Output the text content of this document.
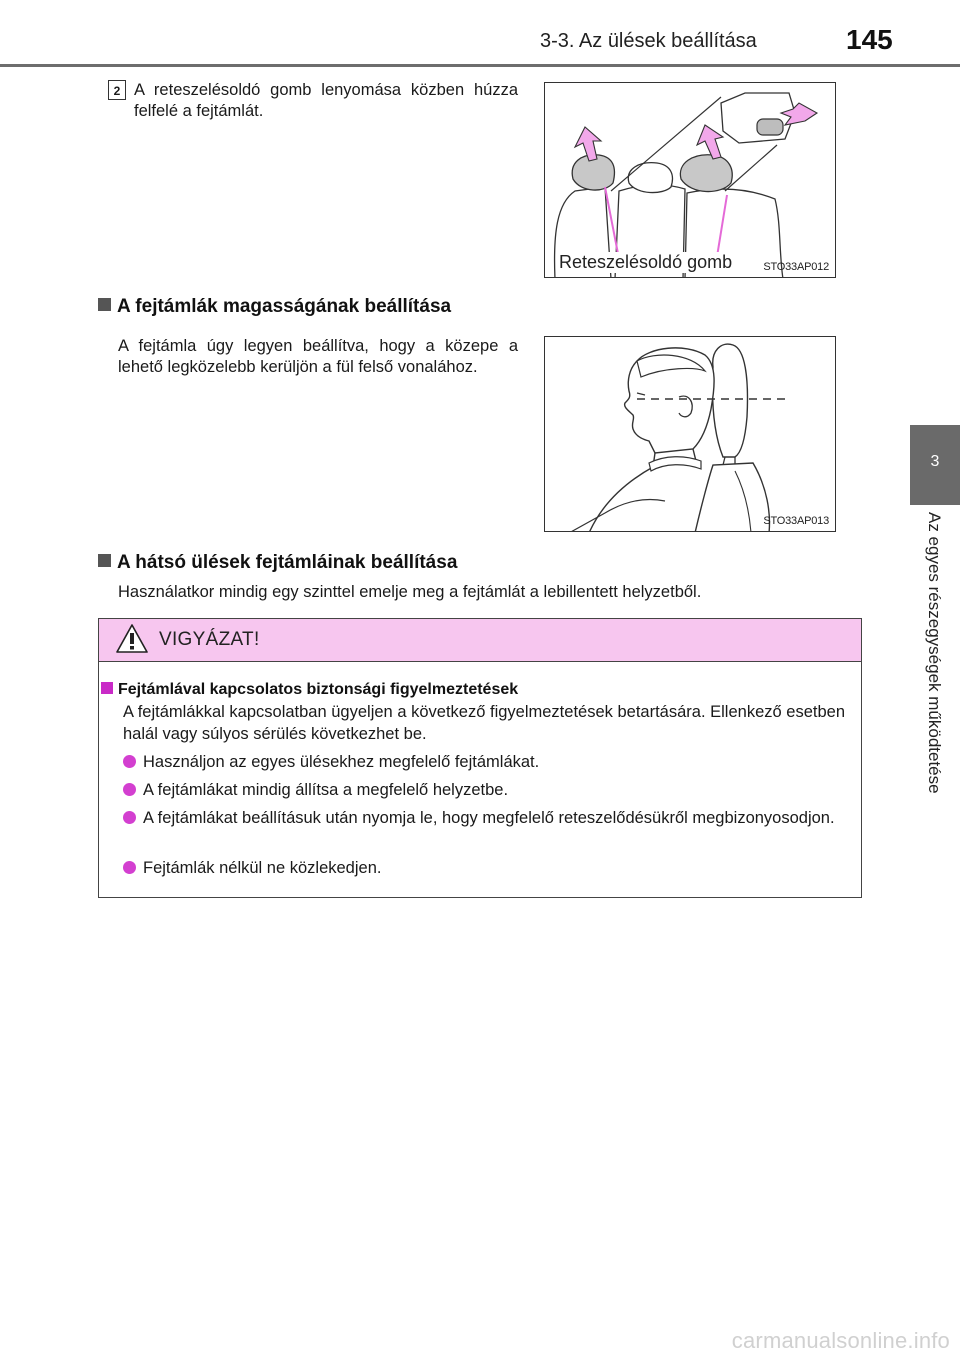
3-3. Az ülések beállítása	145
3
Az egyes részegységek működtetése
2 A reteszelésoldó gomb lenyomása közben húzza felfelé a fejtámlát.
Reteszelésoldó gomb	STO33AP012
A fejtámlák magasságának beállítása
A fejtámla úgy legyen beállítva, hogy a közepe a lehető legközelebb kerüljön a fül felső vonalához.
STO33AP013
A hátsó ülések fejtámláinak beállítása
Használatkor mindig egy szinttel emelje meg a fejtámlát a lebillentett helyzetből.
VIGYÁZAT!
Fejtámlával kapcsolatos biztonsági figyelmeztetések
A fejtámlákkal kapcsolatban ügyeljen a következő figyelmeztetések betartására. Ellenkező esetben halál vagy súlyos sérülés következhet be.
Használjon az egyes ülésekhez megfelelő fejtámlákat.
A fejtámlákat mindig állítsa a megfelelő helyzetbe.
A fejtámlákat beállításuk után nyomja le, hogy megfelelő reteszelődésükről megbizonyosodjon.
Fejtámlák nélkül ne közlekedjen.
carmanualsonline.info
